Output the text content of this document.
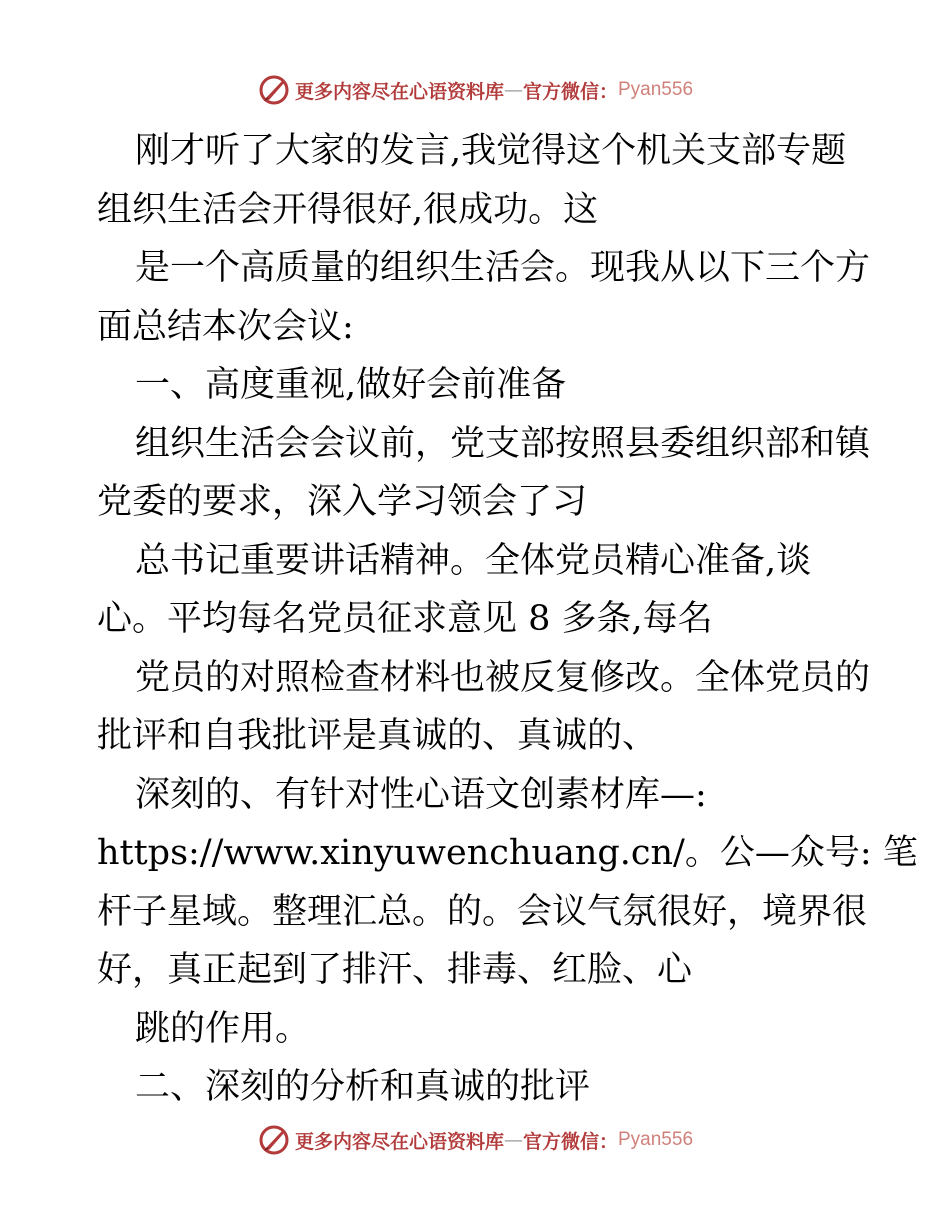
更多内容尽在心语资料库 — 官方微信： Pyan556
刚才听了大家的发言,我觉得这个机关支部专题
组织生活会开得很好,很成功。这
是一个高质量的组织生活会。现我从以下三个方
面总结本次会议:
一、高度重视,做好会前准备
组织生活会会议前，党支部按照县委组织部和镇
党委的要求，深入学习领会了习
总书记重要讲话精神。全体党员精心准备,谈
心。平均每名党员征求意见 8 多条,每名
党员的对照检查材料也被反复修改。全体党员的
批评和自我批评是真诚的、真诚的、
深刻的、有针对性心语文创素材库—:
https://www.xinyuwenchuang.cn/。公—众号: 笔
杆子星域。整理汇总。的。会议气氛很好，境界很
好，真正起到了排汗、排毒、红脸、心
跳的作用。
二、深刻的分析和真诚的批评
更多内容尽在心语资料库 — 官方微信： Pyan556
